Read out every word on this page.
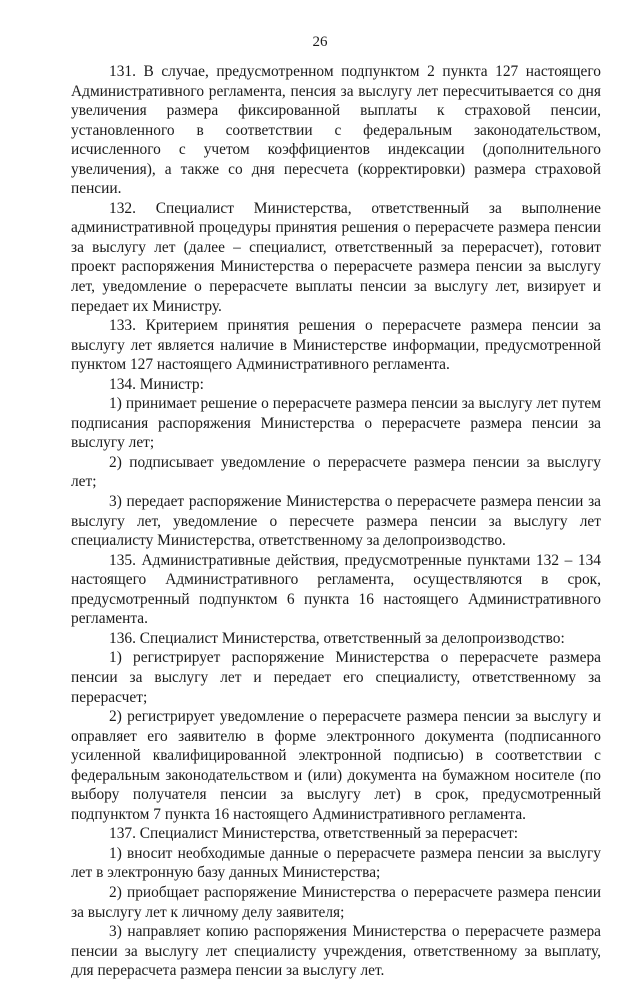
26

131. В случае, предусмотренном подпунктом 2 пункта 127 настоящего Административного регламента, пенсия за выслугу лет пересчитывается со дня увеличения размера фиксированной выплаты к страховой пенсии, установленного в соответствии с федеральным законодательством, исчисленного с учетом коэффициентов индексации (дополнительного увеличения), а также со дня пересчета (корректировки) размера страховой пенсии.

132. Специалист Министерства, ответственный за выполнение административной процедуры принятия решения о перерасчете размера пенсии за выслугу лет (далее – специалист, ответственный за перерасчет), готовит проект распоряжения Министерства о перерасчете размера пенсии за выслугу лет, уведомление о перерасчете выплаты пенсии за выслугу лет, визирует и передает их Министру.

133. Критерием принятия решения о перерасчете размера пенсии за выслугу лет является наличие в Министерстве информации, предусмотренной пунктом 127 настоящего Административного регламента.

134. Министр:

1) принимает решение о перерасчете размера пенсии за выслугу лет путем подписания распоряжения Министерства о перерасчете размера пенсии за выслугу лет;

2) подписывает уведомление о перерасчете размера пенсии за выслугу лет;

3) передает распоряжение Министерства о перерасчете размера пенсии за выслугу лет, уведомление о пересчете размера пенсии за выслугу лет специалисту Министерства, ответственному за делопроизводство.

135. Административные действия, предусмотренные пунктами 132 – 134 настоящего Административного регламента, осуществляются в срок, предусмотренный подпунктом 6 пункта 16 настоящего Административного регламента.

136. Специалист Министерства, ответственный за делопроизводство:

1) регистрирует распоряжение Министерства о перерасчете размера пенсии за выслугу лет и передает его специалисту, ответственному за перерасчет;

2) регистрирует уведомление о перерасчете размера пенсии за выслугу и оправляет его заявителю в форме электронного документа (подписанного усиленной квалифицированной электронной подписью) в соответствии с федеральным законодательством и (или) документа на бумажном носителе (по выбору получателя пенсии за выслугу лет) в срок, предусмотренный подпунктом 7 пункта 16 настоящего Административного регламента.

137. Специалист Министерства, ответственный за перерасчет:

1) вносит необходимые данные о перерасчете размера пенсии за выслугу лет в электронную базу данных Министерства;

2) приобщает распоряжение Министерства о перерасчете размера пенсии за выслугу лет к личному делу заявителя;

3) направляет копию распоряжения Министерства о перерасчете размера пенсии за выслугу лет специалисту учреждения, ответственному за выплату, для перерасчета размера пенсии за выслугу лет.
